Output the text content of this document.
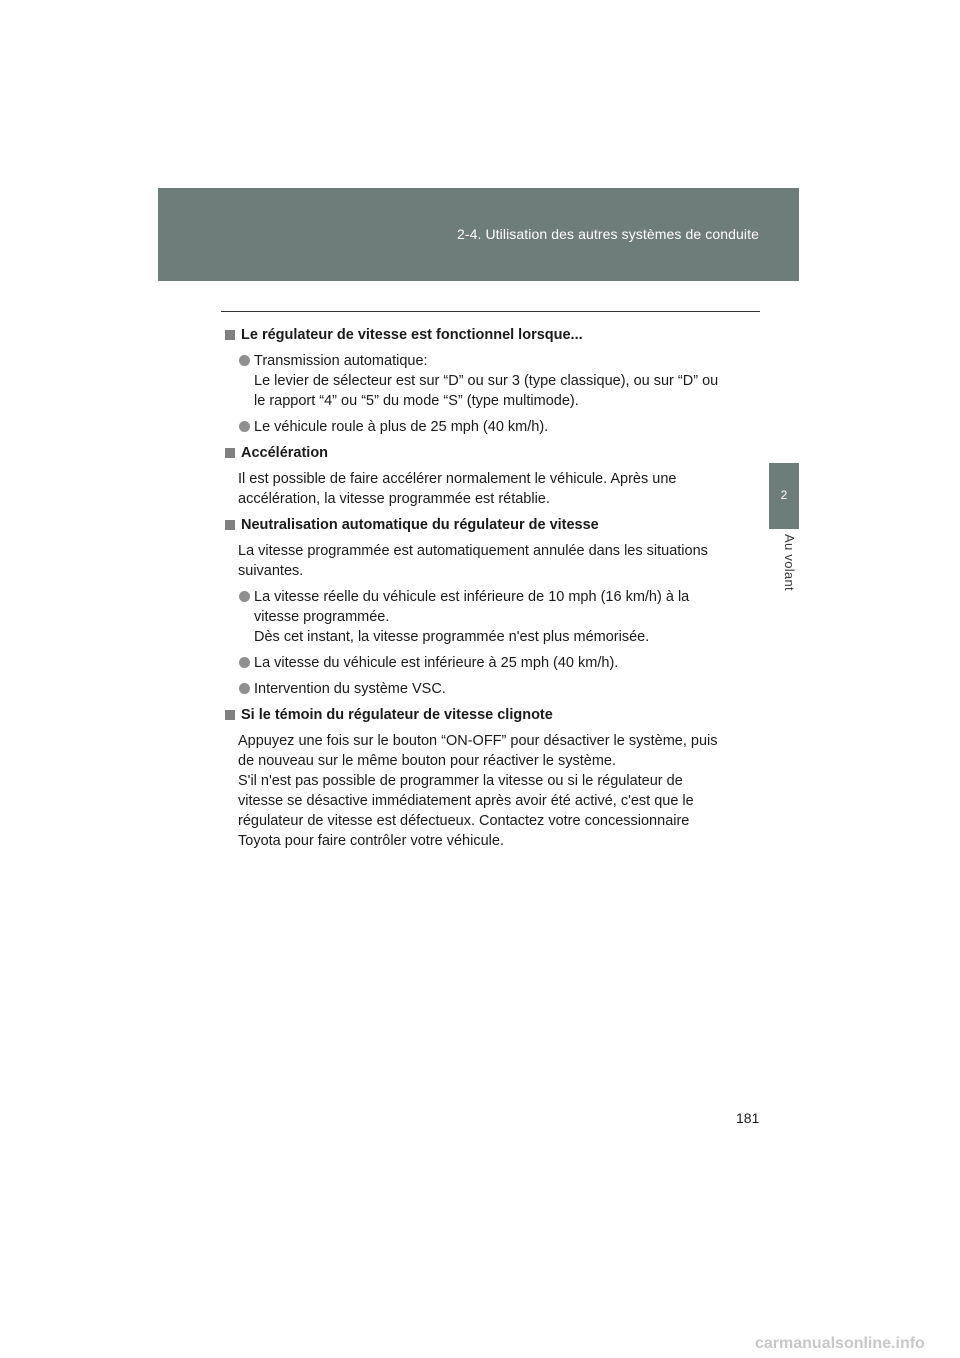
2-4. Utilisation des autres systèmes de conduite
2
Au volant
Le régulateur de vitesse est fonctionnel lorsque...
Transmission automatique:
Le levier de sélecteur est sur “D” ou sur 3 (type classique), ou sur “D” ou
le rapport “4” ou “5” du mode “S” (type multimode).
Le véhicule roule à plus de 25 mph (40 km/h).
Accélération
Il est possible de faire accélérer normalement le véhicule. Après une
accélération, la vitesse programmée est rétablie.
Neutralisation automatique du régulateur de vitesse
La vitesse programmée est automatiquement annulée dans les situations
suivantes.
La vitesse réelle du véhicule est inférieure de 10 mph (16 km/h) à la
vitesse programmée.
Dès cet instant, la vitesse programmée n'est plus mémorisée.
La vitesse du véhicule est inférieure à 25 mph (40 km/h).
Intervention du système VSC.
Si le témoin du régulateur de vitesse clignote
Appuyez une fois sur le bouton “ON-OFF” pour désactiver le système, puis
de nouveau sur le même bouton pour réactiver le système.
S'il n'est pas possible de programmer la vitesse ou si le régulateur de
vitesse se désactive immédiatement après avoir été activé, c'est que le
régulateur de vitesse est défectueux. Contactez votre concessionnaire
Toyota pour faire contrôler votre véhicule.
181
carmanualsonline.info
